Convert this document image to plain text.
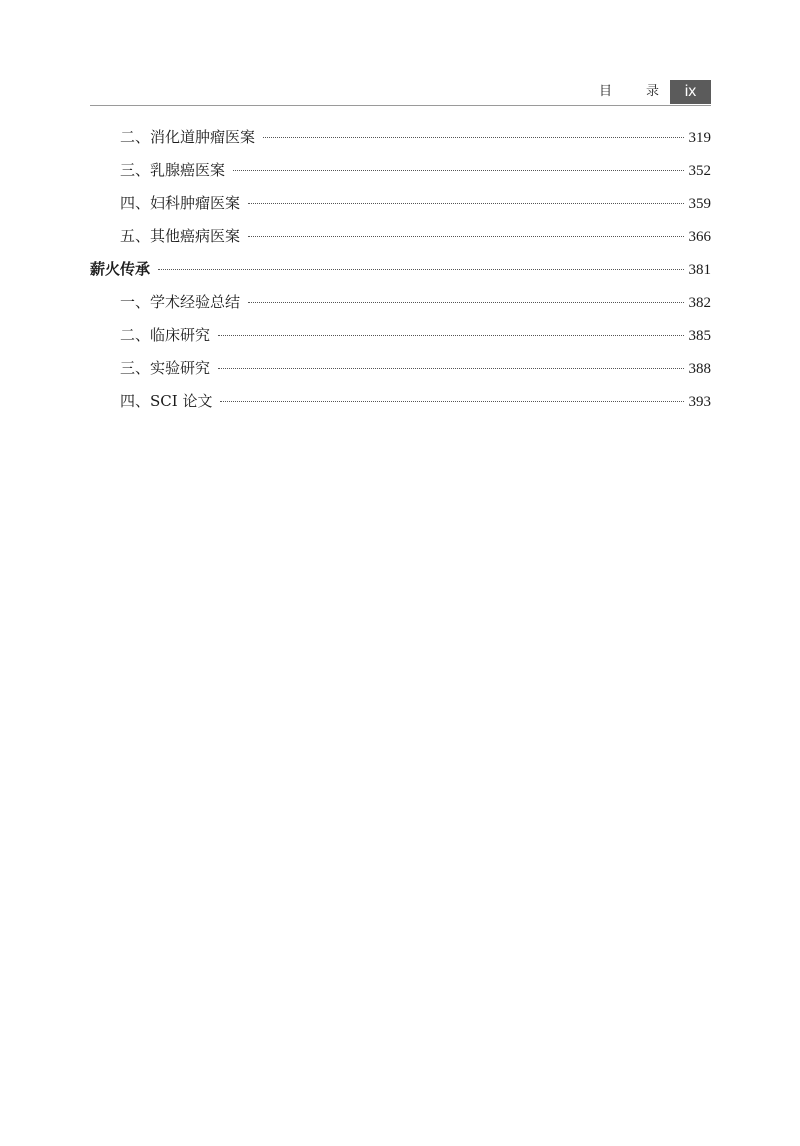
目	录	ix
二、消化道肿瘤医案	319
三、乳腺癌医案	352
四、妇科肿瘤医案	359
五、其他癌病医案	366
薪火传承	381
一、学术经验总结	382
二、临床研究	385
三、实验研究	388
四、SCI 论文	393
